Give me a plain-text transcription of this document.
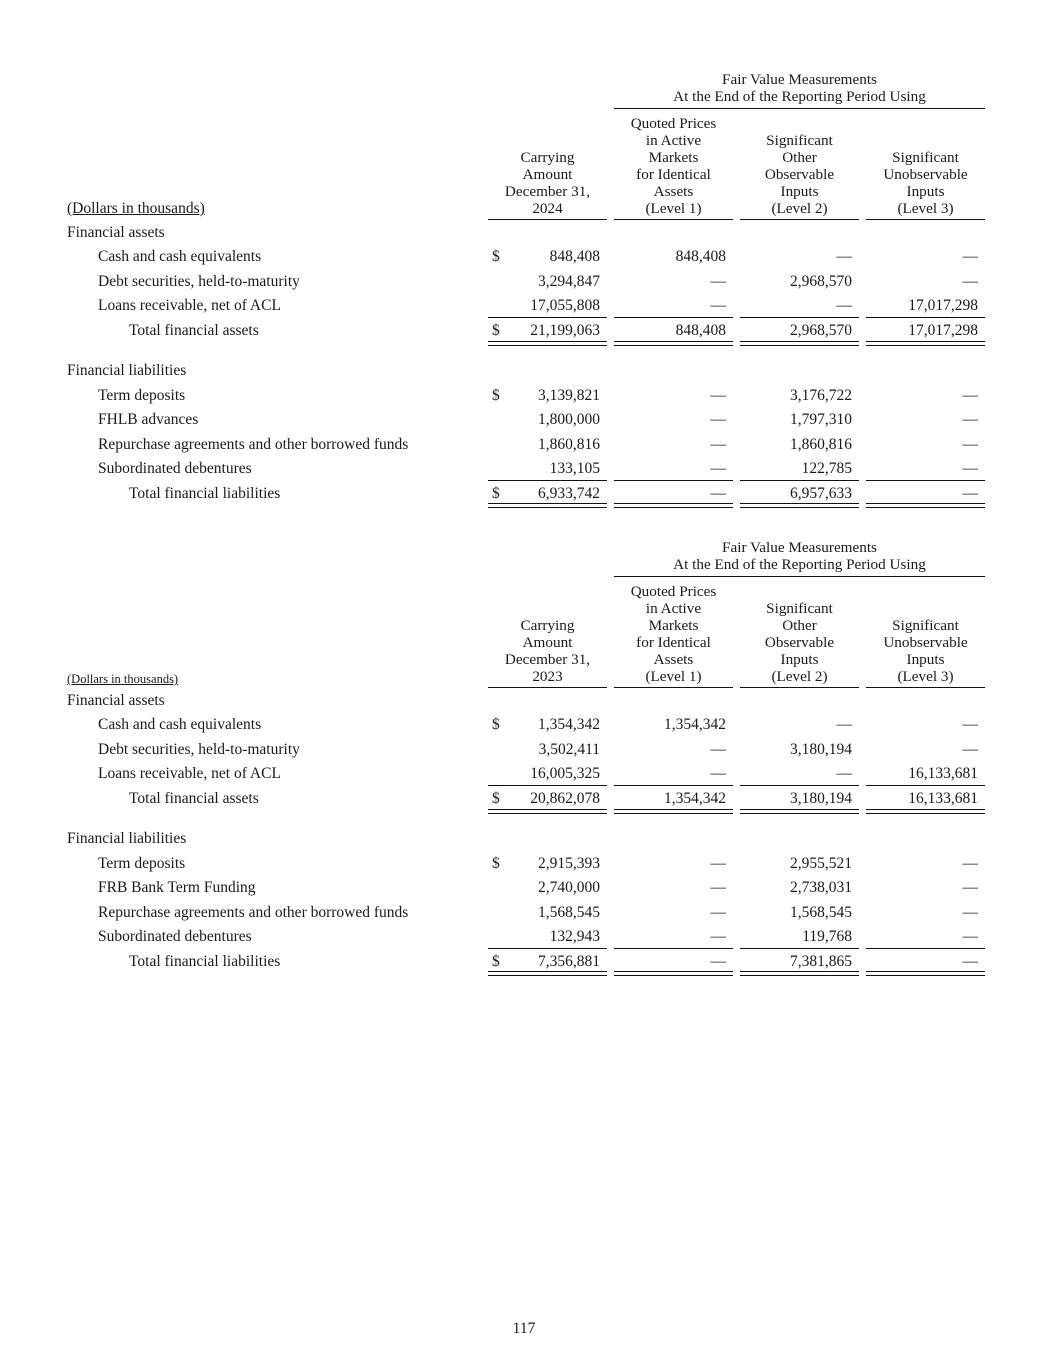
Fair Value Measurements
At the End of the Reporting Period Using
Carrying
Amount
December 31,
2024
Quoted Prices
in Active
Markets
for Identical
Assets
(Level 1)
Significant
Other
Observable
Inputs
(Level 2)
Significant
Unobservable
Inputs
(Level 3)
(Dollars in thousands)
Financial assets
Cash and cash equivalents	$	848,408	848,408	—	—
Debt securities, held-to-maturity	3,294,847	—	2,968,570	—
Loans receivable, net of ACL	17,055,808	—	—	17,017,298
Total financial assets	$	21,199,063	848,408	2,968,570	17,017,298
Financial liabilities
Term deposits	$	3,139,821	—	3,176,722	—
FHLB advances	1,800,000	—	1,797,310	—
Repurchase agreements and other borrowed funds	1,860,816	—	1,860,816	—
Subordinated debentures	133,105	—	122,785	—
Total financial liabilities	$	6,933,742	—	6,957,633	—
Fair Value Measurements
At the End of the Reporting Period Using
Carrying
Amount
December 31,
2023
Quoted Prices
in Active
Markets
for Identical
Assets
(Level 1)
Significant
Other
Observable
Inputs
(Level 2)
Significant
Unobservable
Inputs
(Level 3)
(Dollars in thousands)
Financial assets
Cash and cash equivalents	$	1,354,342	1,354,342	—	—
Debt securities, held-to-maturity	3,502,411	—	3,180,194	—
Loans receivable, net of ACL	16,005,325	—	—	16,133,681
Total financial assets	$	20,862,078	1,354,342	3,180,194	16,133,681
Financial liabilities
Term deposits	$	2,915,393	—	2,955,521	—
FRB Bank Term Funding	2,740,000	—	2,738,031	—
Repurchase agreements and other borrowed funds	1,568,545	—	1,568,545	—
Subordinated debentures	132,943	—	119,768	—
Total financial liabilities	$	7,356,881	—	7,381,865	—
117
